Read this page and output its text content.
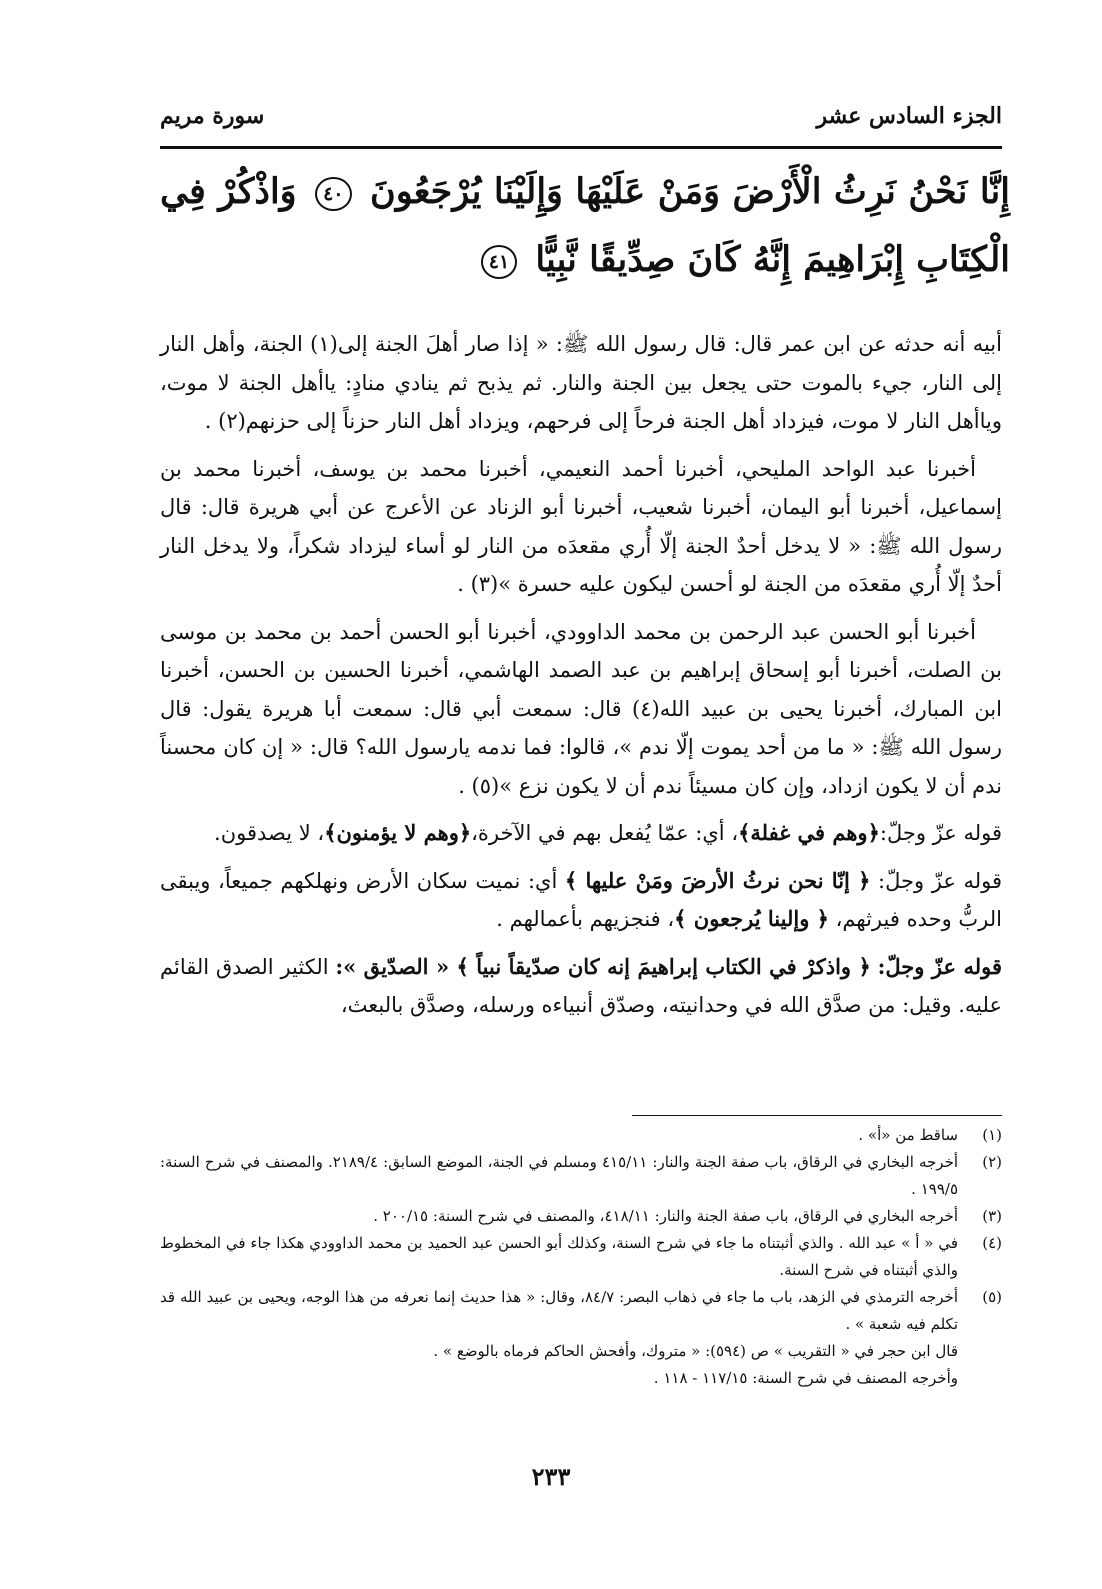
الجزء السادس عشر
سورة مريم
إِنَّا نَحْنُ نَرِثُ الْأَرْضَ وَمَنْ عَلَيْهَا وَإِلَيْنَا يُرْجَعُونَ ٤٠ وَاذْكُرْ فِي الْكِتَابِ إِبْرَاهِيمَ إِنَّهُ كَانَ صِدِّيقًا نَّبِيًّا ٤١

أبيه أنه حدثه عن ابن عمر قال: قال رسول الله ﷺ: « إذا صار أهلَ الجنة إلى(١) الجنة، وأهل النار إلى النار، جيء بالموت حتى يجعل بين الجنة والنار. ثم يذبح ثم ينادي منادٍ: ياأهل الجنة لا موت، وياأهل النار لا موت، فيزداد أهل الجنة فرحاً إلى فرحهم، ويزداد أهل النار حزناً إلى حزنهم(٢) .

أخبرنا عبد الواحد المليحي، أخبرنا أحمد النعيمي، أخبرنا محمد بن يوسف، أخبرنا محمد بن إسماعيل، أخبرنا أبو اليمان، أخبرنا شعيب، أخبرنا أبو الزناد عن الأعرج عن أبي هريرة قال: قال رسول الله ﷺ: « لا يدخل أحدٌ الجنة إلّا أُري مقعدَه من النار لو أساء ليزداد شكراً، ولا يدخل النار أحدٌ إلّا أُري مقعدَه من الجنة لو أحسن ليكون عليه حسرة »(٣) .

أخبرنا أبو الحسن عبد الرحمن بن محمد الداوودي، أخبرنا أبو الحسن أحمد بن محمد بن موسى بن الصلت، أخبرنا أبو إسحاق إبراهيم بن عبد الصمد الهاشمي، أخبرنا الحسين بن الحسن، أخبرنا ابن المبارك، أخبرنا يحيى بن عبيد الله(٤) قال: سمعت أبي قال: سمعت أبا هريرة يقول: قال رسول الله ﷺ: « ما من أحد يموت إلّا ندم »، قالوا: فما ندمه يارسول الله؟ قال: « إن كان محسناً ندم أن لا يكون ازداد، وإن كان مسيئاً ندم أن لا يكون نزع »(٥) .

قوله عزّ وجلّ:﴿وهم في غفلة﴾، أي: عمّا يُفعل بهم في الآخرة،﴿وهم لا يؤمنون﴾، لا يصدقون.

قوله عزّ وجلّ: ﴿ إنّا نحن نرثُ الأرضَ ومَنْ عليها ﴾ أي: نميت سكان الأرض ونهلكهم جميعاً، ويبقى الربُّ وحده فيرثهم، ﴿ وإلينا يُرجعون ﴾، فنجزيهم بأعمالهم .

قوله عزّ وجلّ: ﴿ واذكرْ في الكتاب إبراهيمَ إنه كان صدّيقاً نبياً ﴾ « الصدّيق »: الكثير الصدق القائم عليه. وقيل: من صدَّق الله في وحدانيته، وصدّق أنبياءه ورسله، وصدَّق بالبعث،

(١)
ساقط من «أ» .
(٢)
أخرجه البخاري في الرقاق، باب صفة الجنة والنار: ٤١٥/١١ ومسلم في الجنة، الموضع السابق: ٢١٨٩/٤. والمصنف في شرح السنة: ١٩٩/٥ .
(٣)
أخرجه البخاري في الرقاق، باب صفة الجنة والنار: ٤١٨/١١، والمصنف في شرح السنة: ٢٠٠/١٥ .
(٤)
في « أ » عبد الله . والذي أثبتناه ما جاء في شرح السنة، وكذلك أبو الحسن عبد الحميد بن محمد الداوودي هكذا جاء في المخطوط والذي أثبتناه في شرح السنة.
(٥)
أخرجه الترمذي في الزهد، باب ما جاء في ذهاب البصر: ٨٤/٧، وقال: « هذا حديث إنما نعرفه من هذا الوجه، ويحيى بن عبيد الله قد تكلم فيه شعبة » .
قال ابن حجر في « التقريب » ص (٥٩٤): « متروك، وأفحش الحاكم فرماه بالوضع » .
وأخرجه المصنف في شرح السنة: ١١٧/١٥ - ١١٨ .
٢٣٣
